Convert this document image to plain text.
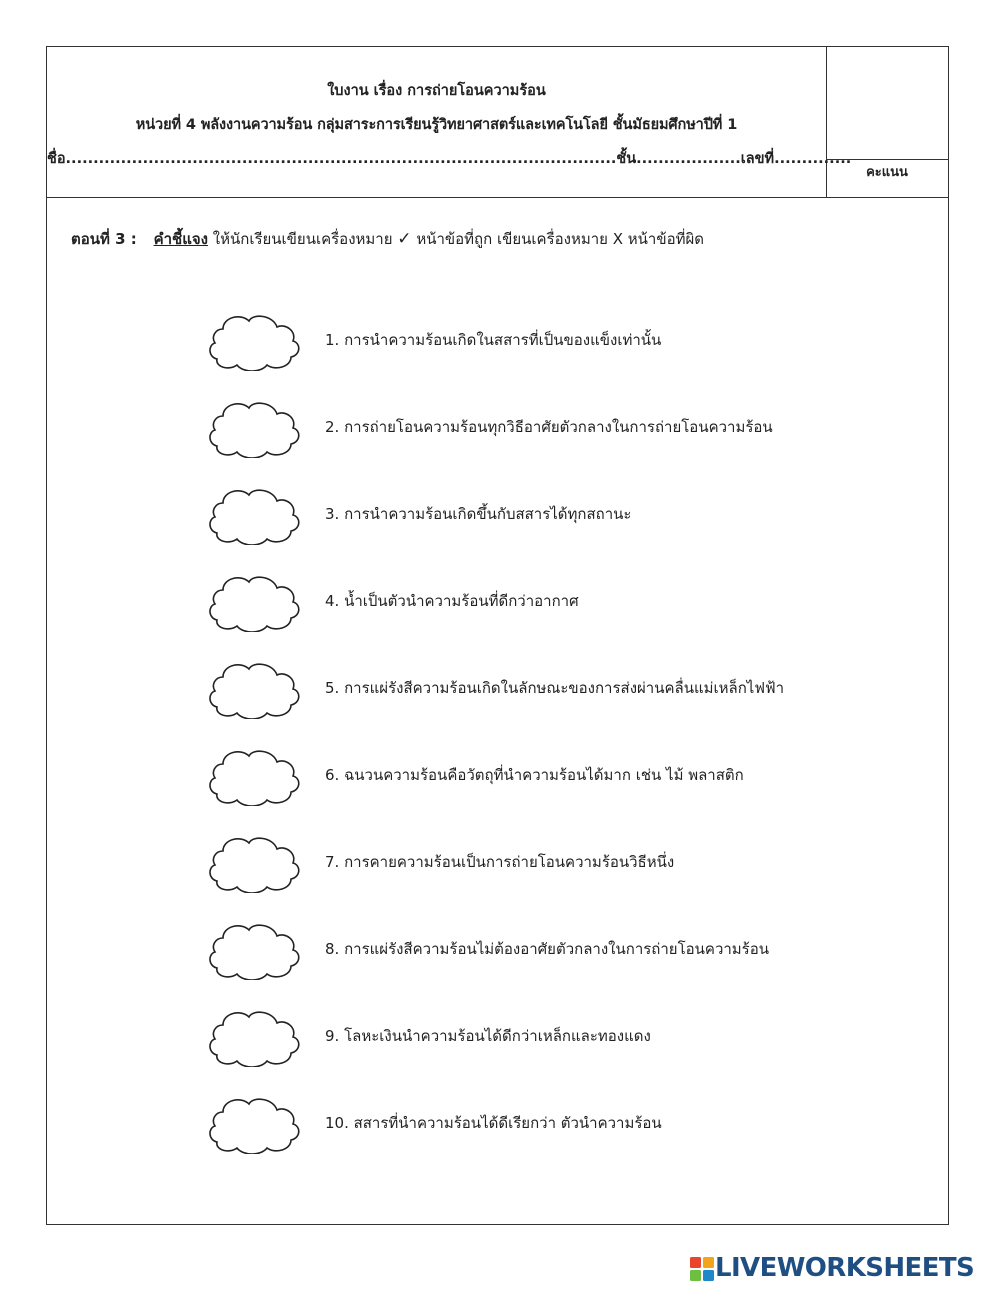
ใบงาน เรื่อง การถ่ายโอนความร้อน
หน่วยที่ 4 พลังงานความร้อน กลุ่มสาระการเรียนรู้วิทยาศาสตร์และเทคโนโลยี ชั้นมัธยมศึกษาปีที่ 1
ชื่อ....................................................................................................ชั้น...................เลขที่..............
คะแนน
ตอนที่ 3 : คำชี้แจง ให้นักเรียนเขียนเครื่องหมาย ✓ หน้าข้อที่ถูก เขียนเครื่องหมาย X หน้าข้อที่ผิด
1. การนำความร้อนเกิดในสสารที่เป็นของแข็งเท่านั้น
2. การถ่ายโอนความร้อนทุกวิธีอาศัยตัวกลางในการถ่ายโอนความร้อน
3. การนำความร้อนเกิดขึ้นกับสสารได้ทุกสถานะ
4. น้ำเป็นตัวนำความร้อนที่ดีกว่าอากาศ
5. การแผ่รังสีความร้อนเกิดในลักษณะของการส่งผ่านคลื่นแม่เหล็กไฟฟ้า
6. ฉนวนความร้อนคือวัตถุที่นำความร้อนได้มาก เช่น ไม้ พลาสติก
7. การคายความร้อนเป็นการถ่ายโอนความร้อนวิธีหนึ่ง
8. การแผ่รังสีความร้อนไม่ต้องอาศัยตัวกลางในการถ่ายโอนความร้อน
9. โลหะเงินนำความร้อนได้ดีกว่าเหล็กและทองแดง
10. สสารที่นำความร้อนได้ดีเรียกว่า ตัวนำความร้อน
LIVEWORKSHEETS
